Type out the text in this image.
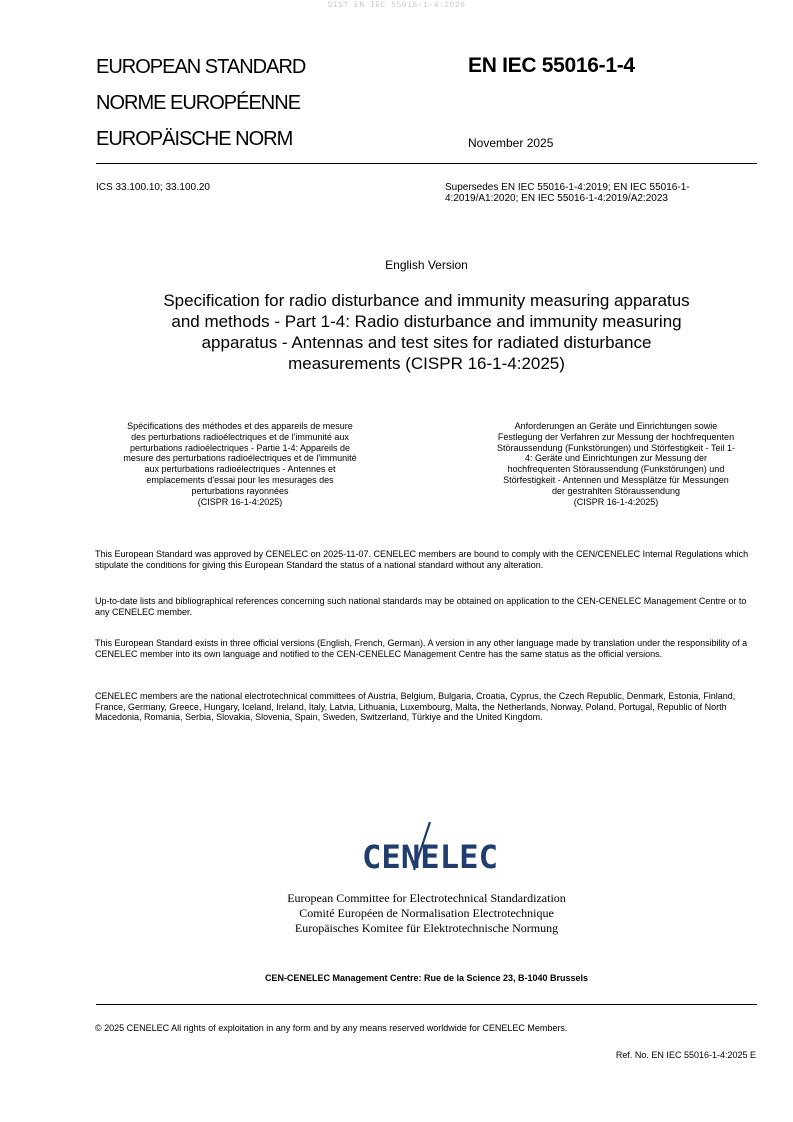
SIST EN IEC 55016-1-4:2026
EUROPEAN STANDARD
NORME EUROPÉENNE
EUROPÄISCHE NORM
EN IEC 55016-1-4
November 2025
ICS 33.100.10; 33.100.20	Supersedes EN IEC 55016-1-4:2019; EN IEC 55016-1-4:2019/A1:2020; EN IEC 55016-1-4:2019/A2:2023
English Version
Specification for radio disturbance and immunity measuring apparatus and methods - Part 1-4: Radio disturbance and immunity measuring apparatus - Antennas and test sites for radiated disturbance measurements (CISPR 16-1-4:2025)
Spécifications des méthodes et des appareils de mesure
des perturbations radioélectriques et de l'immunité aux
perturbations radioélectriques - Partie 1-4: Appareils de
mesure des perturbations radioélectriques et de l'immunité
aux perturbations radioélectriques - Antennes et
emplacements d'essai pour les mesurages des
perturbations rayonnées
(CISPR 16-1-4:2025)
Anforderungen an Geräte und Einrichtungen sowie
Festlegung der Verfahren zur Messung der hochfrequenten
Störaussendung (Funkstörungen) und Störfestigkeit - Teil 1-
4: Geräte und Einrichtungen zur Messung der
hochfrequenten Störaussendung (Funkstörungen) und
Störfestigkeit - Antennen und Messplätze für Messungen
der gestrahlten Störaussendung
(CISPR 16-1-4:2025)
This European Standard was approved by CENELEC on 2025-11-07. CENELEC members are bound to comply with the CEN/CENELEC Internal Regulations which stipulate the conditions for giving this European Standard the status of a national standard without any alteration.
Up-to-date lists and bibliographical references concerning such national standards may be obtained on application to the CEN-CENELEC Management Centre or to any CENELEC member.
This European Standard exists in three official versions (English, French, German). A version in any other language made by translation under the responsibility of a CENELEC member into its own language and notified to the CEN-CENELEC Management Centre has the same status as the official versions.
CENELEC members are the national electrotechnical committees of Austria, Belgium, Bulgaria, Croatia, Cyprus, the Czech Republic, Denmark, Estonia, Finland, France, Germany, Greece, Hungary, Iceland, Ireland, Italy, Latvia, Lithuania, Luxembourg, Malta, the Netherlands, Norway, Poland, Portugal, Republic of North Macedonia, Romania, Serbia, Slovakia, Slovenia, Spain, Sweden, Switzerland, Türkiye and the United Kingdom.
CENELEC
European Committee for Electrotechnical Standardization
Comité Européen de Normalisation Electrotechnique
Europäisches Komitee für Elektrotechnische Normung
CEN-CENELEC Management Centre: Rue de la Science 23, B-1040 Brussels
© 2025 CENELEC All rights of exploitation in any form and by any means reserved worldwide for CENELEC Members.
Ref. No. EN IEC 55016-1-4:2025 E
